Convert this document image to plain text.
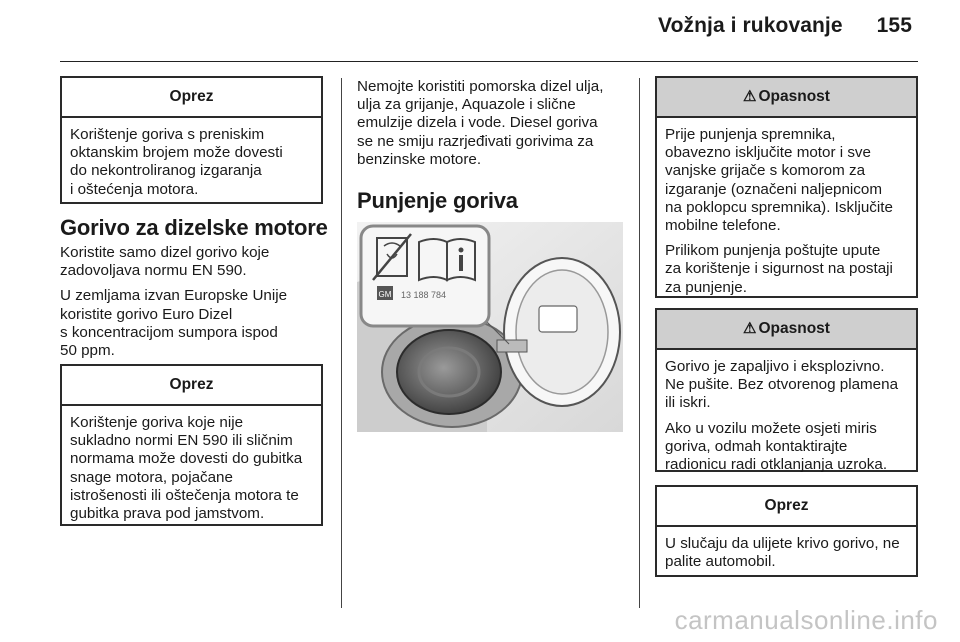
Vožnja i rukovanje 155
Oprez
Korištenje goriva s preniskim
oktanskim brojem može dovesti
do nekontroliranog izgaranja
i oštećenja motora.
Gorivo za dizelske motore

Koristite samo dizel gorivo koje
zadovoljava normu EN 590.

U zemljama izvan Europske Unije
koristite gorivo Euro Dizel
s koncentracijom sumpora ispod
50 ppm.

Oprez
Korištenje goriva koje nije
sukladno normi EN 590 ili sličnim
normama može dovesti do gubitka
snage motora, pojačane
istrošenosti ili oštečenja motora te
gubitka prava pod jamstvom.
Nemojte koristiti pomorska dizel ulja,
ulja za grijanje, Aquazole i slične
emulzije dizela i vode. Diesel goriva
se ne smiju razrjeđivati gorivima za
benzinske motore.
Punjenje goriva
GM 13 188 784
⚠ Opasnost

Prije punjenja spremnika,
obavezno isključite motor i sve
vanjske grijače s komorom za
izgaranje (označeni naljepnicom
na poklopcu spremnika). Isključite
mobilne telefone.

Prilikom punjenja poštujte upute
za korištenje i sigurnost na postaji
za punjenje.

⚠ Opasnost

Gorivo je zapaljivo i eksplozivno.
Ne pušite. Bez otvorenog plamena
ili iskri.

Ako u vozilu možete osjeti miris
goriva, odmah kontaktirajte
radionicu radi otklanjanja uzroka.

Oprez
U slučaju da ulijete krivo gorivo, ne
palite automobil.
carmanualsonline.info
